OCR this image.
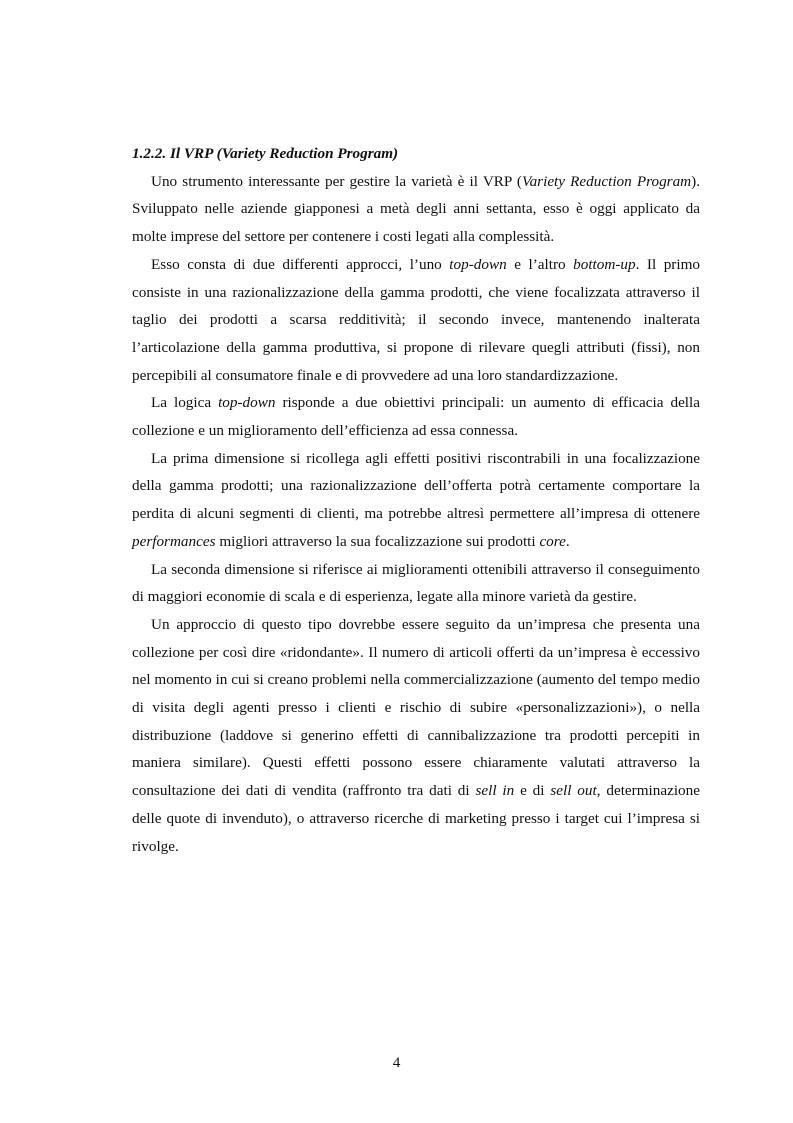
1.2.2. Il VRP (Variety Reduction Program)

Uno strumento interessante per gestire la varietà è il VRP (Variety Reduction Program). Sviluppato nelle aziende giapponesi a metà degli anni settanta, esso è oggi applicato da molte imprese del settore per contenere i costi legati alla complessità.

Esso consta di due differenti approcci, l’uno top-down e l’altro bottom-up. Il primo consiste in una razionalizzazione della gamma prodotti, che viene focalizzata attraverso il taglio dei prodotti a scarsa redditività; il secondo invece, mantenendo inalterata l’articolazione della gamma produttiva, si propone di rilevare quegli attributi (fissi), non percepibili al consumatore finale e di provvedere ad una loro standardizzazione.

La logica top-down risponde a due obiettivi principali: un aumento di efficacia della collezione e un miglioramento dell’efficienza ad essa connessa.

La prima dimensione si ricollega agli effetti positivi riscontrabili in una focalizzazione della gamma prodotti; una razionalizzazione dell’offerta potrà certamente comportare la perdita di alcuni segmenti di clienti, ma potrebbe altresì permettere all’impresa di ottenere performances migliori attraverso la sua focalizzazione sui prodotti core.

La seconda dimensione si riferisce ai miglioramenti ottenibili attraverso il conseguimento di maggiori economie di scala e di esperienza, legate alla minore varietà da gestire.

Un approccio di questo tipo dovrebbe essere seguito da un’impresa che presenta una collezione per così dire «ridondante». Il numero di articoli offerti da un’impresa è eccessivo nel momento in cui si creano problemi nella commercializzazione (aumento del tempo medio di visita degli agenti presso i clienti e rischio di subire «personalizzazioni»), o nella distribuzione (laddove si generino effetti di cannibalizzazione tra prodotti percepiti in maniera similare). Questi effetti possono essere chiaramente valutati attraverso la consultazione dei dati di vendita (raffronto tra dati di sell in e di sell out, determinazione delle quote di invenduto), o attraverso ricerche di marketing presso i target cui l’impresa si rivolge.

4
